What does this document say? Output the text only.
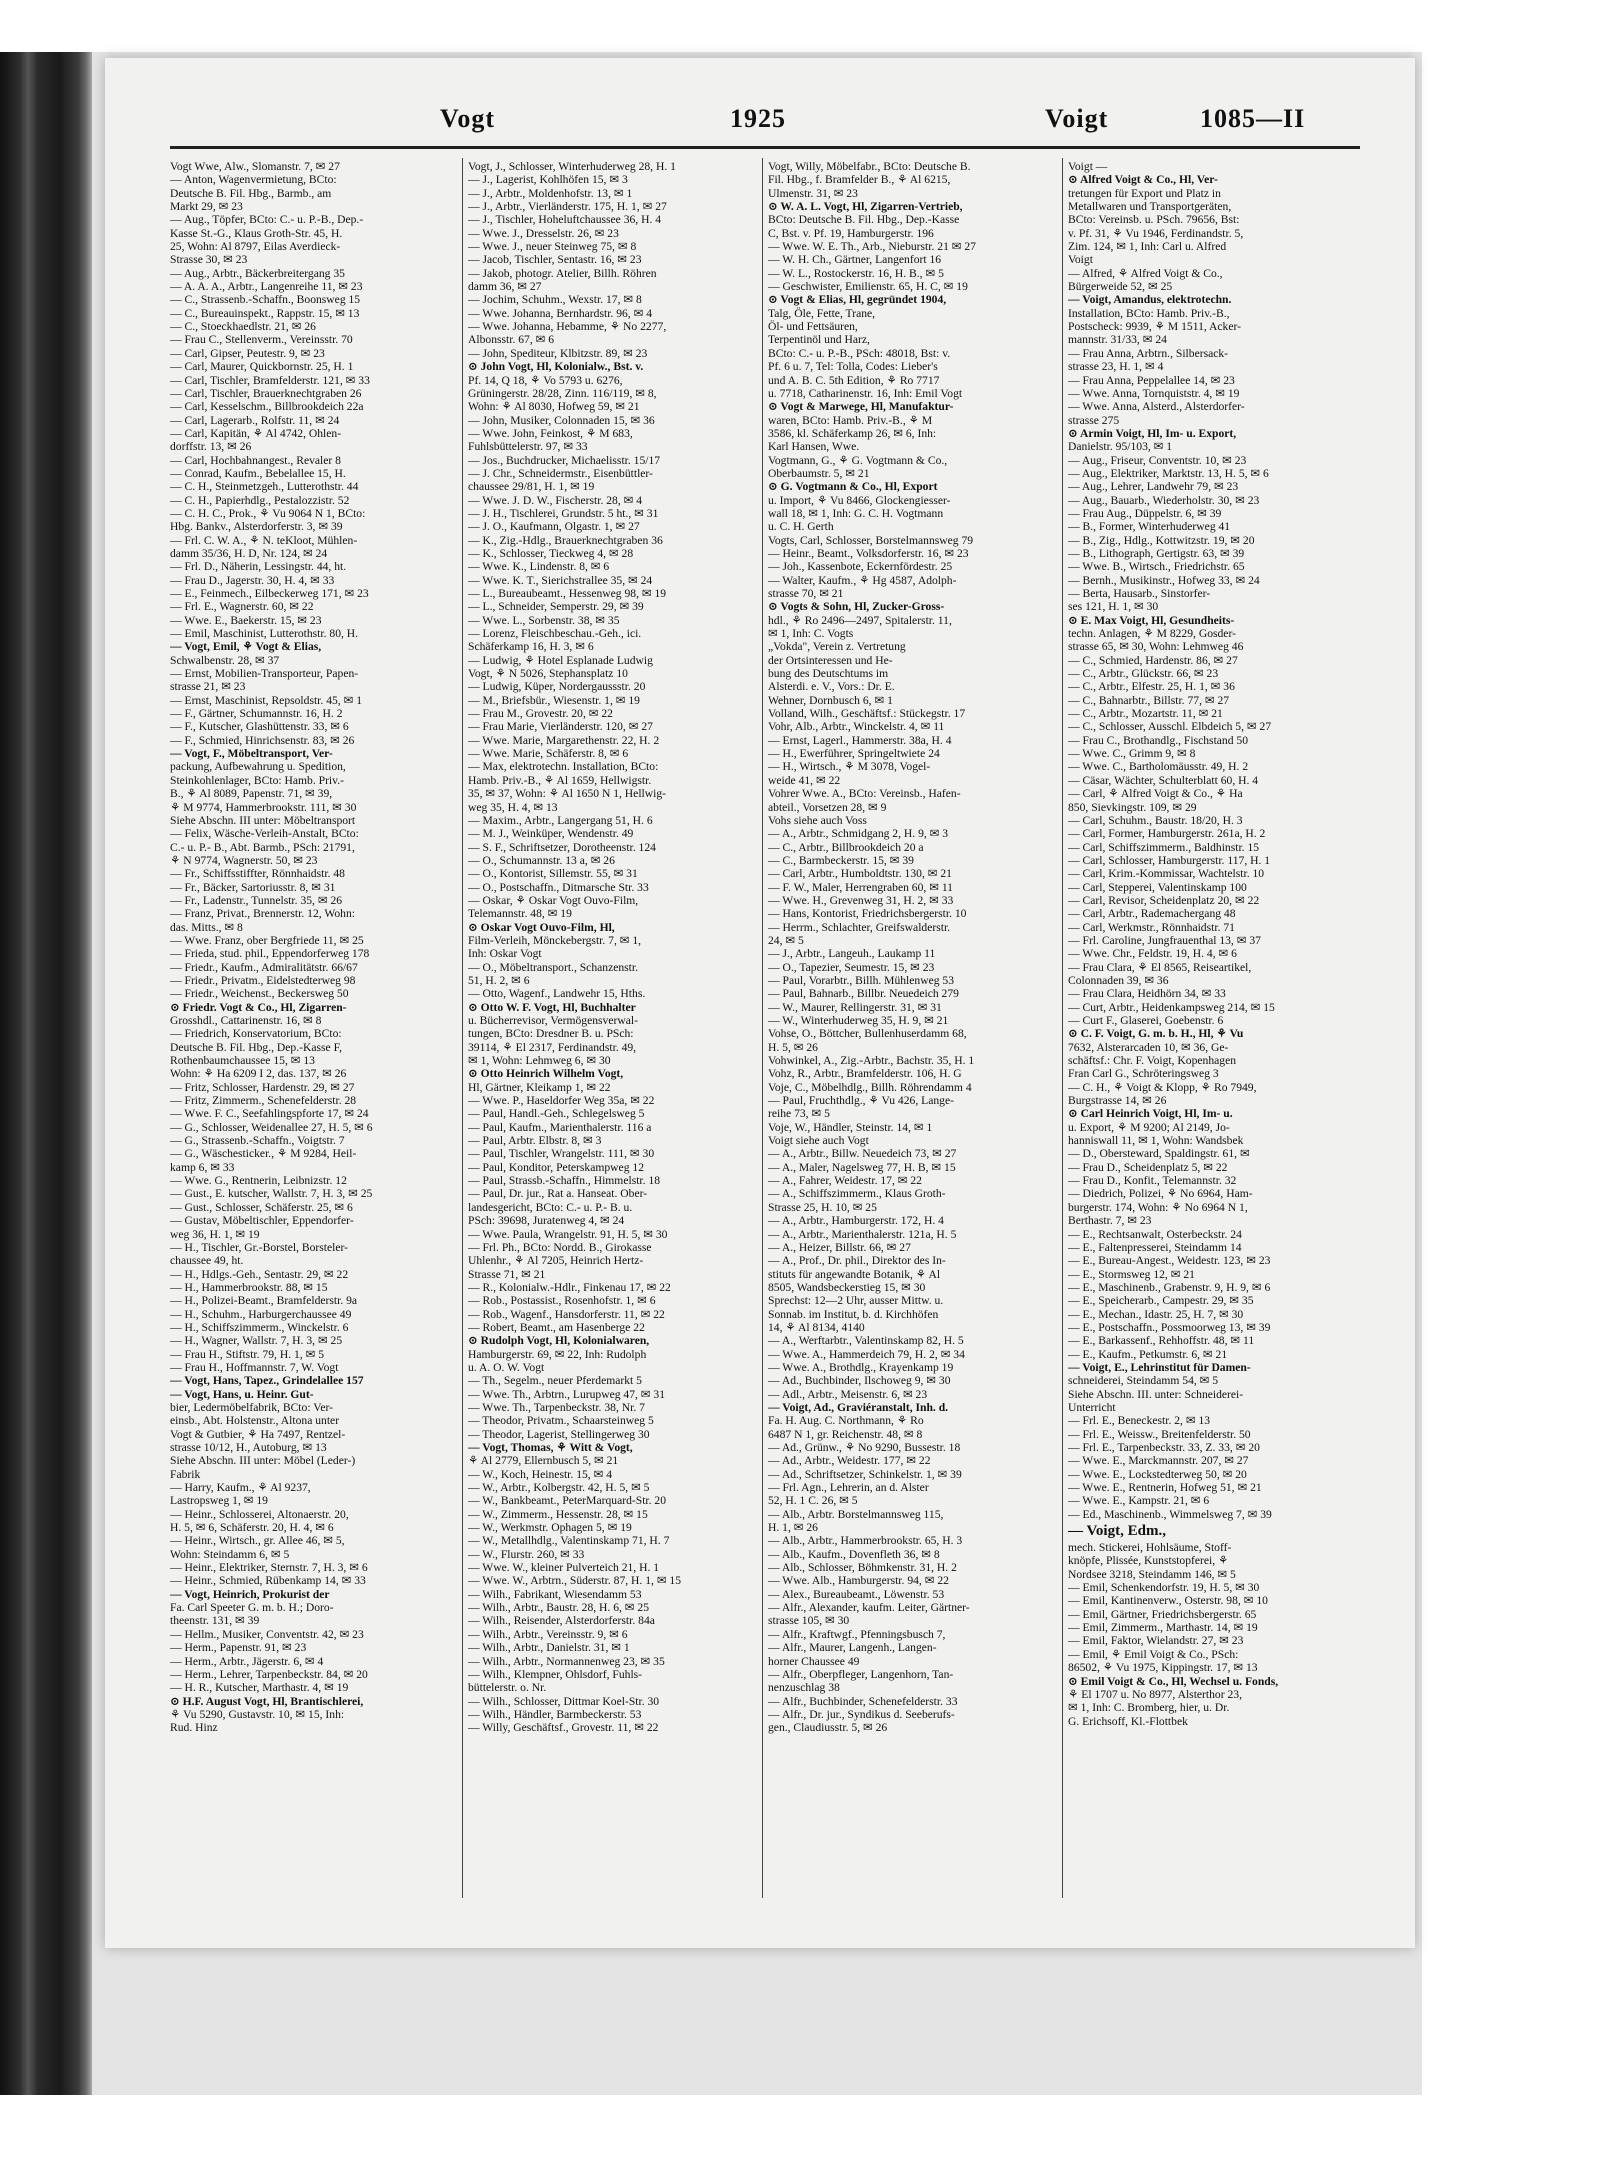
Vogt	1925	Voigt	1085—II
Vogt Wwe, Alw., Slomanstr. 7, ✉ 27
— Anton, Wagenvermietung, BCto:
Deutsche B. Fil. Hbg., Barmb., am
Markt 29, ✉ 23
— Aug., Töpfer, BCto: C.- u. P.-B., Dep.-
Kasse St.-G., Klaus Groth-Str. 45, H.
25, Wohn: Al 8797, Eilas Averdieck-
Strasse 30, ✉ 23
— Aug., Arbtr., Bäckerbreitergang 35
— A. A. A., Arbtr., Langenreihe 11, ✉ 23
— C., Strassenb.-Schaffn., Boonsweg 15
— C., Bureauinspekt., Rappstr. 15, ✉ 13
— C., Stoeckhaedlstr. 21, ✉ 26
— Frau C., Stellenverm., Vereinsstr. 70
— Carl, Gipser, Peutestr. 9, ✉ 23
— Carl, Maurer, Quickbornstr. 25, H. 1
— Carl, Tischler, Bramfelderstr. 121, ✉ 33
— Carl, Tischler, Brauerknechtgraben 26
— Carl, Kesselschm., Billbrookdeich 22a
— Carl, Lagerarb., Rolfstr. 11, ✉ 24
— Carl, Kapitän, ⚘ Al 4742, Ohlen-
dorffstr. 13, ✉ 26
— Carl, Hochbahnangest., Revaler 8
— Conrad, Kaufm., Bebelallee 15, H.
— C. H., Steinmetzgeh., Lutterothstr. 44
— C. H., Papierhdlg., Pestalozzistr. 52
— C. H. C., Prok., ⚘ Vu 9064 N 1, BCto:
Hbg. Bankv., Alsterdorferstr. 3, ✉ 39
— Frl. C. W. A., ⚘ N. teKloot, Mühlen-
damm 35/36, H. D, Nr. 124, ✉ 24
— Frl. D., Näherin, Lessingstr. 44, ht.
— Frau D., Jagerstr. 30, H. 4, ✉ 33
— E., Feinmech., Eilbeckerweg 171, ✉ 23
— Frl. E., Wagnerstr. 60, ✉ 22
— Wwe. E., Baekerstr. 15, ✉ 23
— Emil, Maschinist, Lutterothstr. 80, H.
— Vogt, Emil, ⚘ Vogt & Elias,
Schwalbenstr. 28, ✉ 37
— Ernst, Mobilien-Transporteur, Papen-
strasse 21, ✉ 23
— Ernst, Maschinist, Repsoldstr. 45, ✉ 1
— F., Gärtner, Schumannstr. 16, H. 2
— F., Kutscher, Glashüttenstr. 33, ✉ 6
— F., Schmied, Hinrichsenstr. 83, ✉ 26
— Vogt, F., Möbeltransport, Ver-
packung, Aufbewahrung u. Spedition,
Steinkohlenlager, BCto: Hamb. Priv.-
B., ⚘ Al 8089, Papenstr. 71, ✉ 39,
⚘ M 9774, Hammerbrookstr. 111, ✉ 30
Siehe Abschn. III unter: Möbeltransport
— Felix, Wäsche-Verleih-Anstalt, BCto:
C.- u. P.- B., Abt. Barmb., PSch: 21791,
⚘ N 9774, Wagnerstr. 50, ✉ 23
— Fr., Schiffsstiffter, Rönnhaidstr. 48
— Fr., Bäcker, Sartoriusstr. 8, ✉ 31
— Fr., Ladenstr., Tunnelstr. 35, ✉ 26
— Franz, Privat., Brennerstr. 12, Wohn:
das. Mitts., ✉ 8
— Wwe. Franz, ober Bergfriede 11, ✉ 25
— Frieda, stud. phil., Eppendorferweg 178
— Friedr., Kaufm., Admiralitätstr. 66/67
— Friedr., Privatm., Eidelstedterweg 98
— Friedr., Weichenst., Beckersweg 50
⊙ Friedr. Vogt & Co., Hl, Zigarren-
Grosshdl., Cattarinenstr. 16, ✉ 8
— Friedrich, Konservatorium, BCto:
Deutsche B. Fil. Hbg., Dep.-Kasse F,
Rothenbaumchaussee 15, ✉ 13
Wohn: ⚘ Ha 6209 I 2, das. 137, ✉ 26
— Fritz, Schlosser, Hardenstr. 29, ✉ 27
— Fritz, Zimmerm., Schenefelderstr. 28
— Wwe. F. C., Seefahlingspforte 17, ✉ 24
— G., Schlosser, Weidenallee 27, H. 5, ✉ 6
— G., Strassenb.-Schaffn., Voigtstr. 7
— G., Wäschesticker., ⚘ M 9284, Heil-
kamp 6, ✉ 33
— Wwe. G., Rentnerin, Leibnizstr. 12
— Gust., E. kutscher, Wallstr. 7, H. 3, ✉ 25
— Gust., Schlosser, Schäferstr. 25, ✉ 6
— Gustav, Möbeltischler, Eppendorfer-
weg 36, H. 1, ✉ 19
— H., Tischler, Gr.-Borstel, Borsteler-
chaussee 49, ht.
— H., Hdlgs.-Geh., Sentastr. 29, ✉ 22
— H., Hammerbrookstr. 88, ✉ 15
— H., Polizei-Beamt., Bramfelderstr. 9a
— H., Schuhm., Harburgerchaussee 49
— H., Schiffszimmerm., Winckelstr. 6
— H., Wagner, Wallstr. 7, H. 3, ✉ 25
— Frau H., Stiftstr. 79, H. 1, ✉ 5
— Frau H., Hoffmannstr. 7, W. Vogt
— Vogt, Hans, Tapez., Grindelallee 157
— Vogt, Hans, u. Heinr. Gut-
bier, Ledermöbelfabrik, BCto: Ver-
einsb., Abt. Holstenstr., Altona unter
Vogt & Gutbier, ⚘ Ha 7497, Rentzel-
strasse 10/12, H., Autoburg, ✉ 13
Siehe Abschn. III unter: Möbel (Leder-)
Fabrik
— Harry, Kaufm., ⚘ Al 9237,
Lastropsweg 1, ✉ 19
— Heinr., Schlosserei, Altonaerstr. 20,
H. 5, ✉ 6, Schäferstr. 20, H. 4, ✉ 6
— Heinr., Wirtsch., gr. Allee 46, ✉ 5,
Wohn: Steindamm 6, ✉ 5
— Heinr., Elektriker, Sternstr. 7, H. 3, ✉ 6
— Heinr., Schmied, Rübenkamp 14, ✉ 33
— Vogt, Heinrich, Prokurist der
Fa. Carl Speeter G. m. b. H.; Doro-
theenstr. 131, ✉ 39
— Hellm., Musiker, Conventstr. 42, ✉ 23
— Herm., Papenstr. 91, ✉ 23
— Herm., Arbtr., Jägerstr. 6, ✉ 4
— Herm., Lehrer, Tarpenbeckstr. 84, ✉ 20
— H. R., Kutscher, Marthastr. 4, ✉ 19
⊙ H.F. August Vogt, Hl, Brantischlerei,
⚘ Vu 5290, Gustavstr. 10, ✉ 15, Inh:
Rud. Hinz
Vogt, J., Schlosser, Winterhuderweg 28, H. 1
— J., Lagerist, Kohlhöfen 15, ✉ 3
— J., Arbtr., Moldenhofstr. 13, ✉ 1
— J., Arbtr., Vierländerstr. 175, H. 1, ✉ 27
— J., Tischler, Hoheluftchaussee 36, H. 4
— Wwe. J., Dresselstr. 26, ✉ 23
— Wwe. J., neuer Steinweg 75, ✉ 8
— Jacob, Tischler, Sentastr. 16, ✉ 23
— Jakob, photogr. Atelier, Billh. Röhren
damm 36, ✉ 27
— Jochim, Schuhm., Wexstr. 17, ✉ 8
— Wwe. Johanna, Bernhardstr. 96, ✉ 4
— Wwe. Johanna, Hebamme, ⚘ No 2277,
Albonsstr. 67, ✉ 6
— John, Spediteur, Klbitzstr. 89, ✉ 23
⊙ John Vogt, Hl, Kolonialw., Bst. v.
Pf. 14, Q 18, ⚘ Vo 5793 u. 6276,
Grüningerstr. 28/28, Zinn. 116/119, ✉ 8,
Wohn: ⚘ Al 8030, Hofweg 59, ✉ 21
— John, Musiker, Colonnaden 15, ✉ 36
— Wwe. John, Feinkost, ⚘ M 683,
Fuhlsbüttelerstr. 97, ✉ 33
— Jos., Buchdrucker, Michaelisstr. 15/17
— J. Chr., Schneidermstr., Eisenbüttler-
chaussee 29/81, H. 1, ✉ 19
— Wwe. J. D. W., Fischerstr. 28, ✉ 4
— J. H., Tischlerei, Grundstr. 5 ht., ✉ 31
— J. O., Kaufmann, Olgastr. 1, ✉ 27
— K., Zig.-Hdlg., Brauerknechtgraben 36
— K., Schlosser, Tieckweg 4, ✉ 28
— Wwe. K., Lindenstr. 8, ✉ 6
— Wwe. K. T., Sierichstrallee 35, ✉ 24
— L., Bureaubeamt., Hessenweg 98, ✉ 19
— L., Schneider, Semperstr. 29, ✉ 39
— Wwe. L., Sorbenstr. 38, ✉ 35
— Lorenz, Fleischbeschau.-Geh., ici.
Schäferkamp 16, H. 3, ✉ 6
— Ludwig, ⚘ Hotel Esplanade Ludwig
Vogt, ⚘ N 5026, Stephansplatz 10
— Ludwig, Küper, Nordergaussstr. 20
— M., Briefsbür., Wiesenstr. 1, ✉ 19
— Frau M., Grovestr. 20, ✉ 22
— Frau Marie, Vierländerstr. 120, ✉ 27
— Wwe. Marie, Margarethenstr. 22, H. 2
— Wwe. Marie, Schäferstr. 8, ✉ 6
— Max, elektrotechn. Installation, BCto:
Hamb. Priv.-B., ⚘ Al 1659, Hellwigstr.
35, ✉ 37, Wohn: ⚘ Al 1650 N 1, Hellwig-
weg 35, H. 4, ✉ 13
— Maxim., Arbtr., Langergang 51, H. 6
— M. J., Weinküper, Wendenstr. 49
— S. F., Schriftsetzer, Dorotheenstr. 124
— O., Schumannstr. 13 a, ✉ 26
— O., Kontorist, Sillemstr. 55, ✉ 31
— O., Postschaffn., Ditmarsche Str. 33
— Oskar, ⚘ Oskar Vogt Ouvo-Film,
Telemannstr. 48, ✉ 19
⊙ Oskar Vogt Ouvo-Film, Hl,
Film-Verleih, Mönckebergstr. 7, ✉ 1,
Inh: Oskar Vogt
— O., Möbeltransport., Schanzenstr.
51, H. 2, ✉ 6
— Otto, Wagenf., Landwehr 15, Hths.
⊙ Otto W. F. Vogt, Hl, Buchhalter
u. Bücherrevisor, Vermögensverwal-
tungen, BCto: Dresdner B. u. PSch:
39114, ⚘ El 2317, Ferdinandstr. 49,
✉ 1, Wohn: Lehmweg 6, ✉ 30
⊙ Otto Heinrich Wilhelm Vogt,
Hl, Gärtner, Kleikamp 1, ✉ 22
— Wwe. P., Haseldorfer Weg 35a, ✉ 22
— Paul, Handl.-Geh., Schlegelsweg 5
— Paul, Kaufm., Marienthalerstr. 116 a
— Paul, Arbtr. Elbstr. 8, ✉ 3
— Paul, Tischler, Wrangelstr. 111, ✉ 30
— Paul, Konditor, Peterskampweg 12
— Paul, Strassb.-Schaffn., Himmelstr. 18
— Paul, Dr. jur., Rat a. Hanseat. Ober-
landesgericht, BCto: C.- u. P.- B. u.
PSch: 39698, Juratenweg 4, ✉ 24
— Wwe. Paula, Wrangelstr. 91, H. 5, ✉ 30
— Frl. Ph., BCto: Nordd. B., Girokasse
Uhlenhr., ⚘ Al 7205, Heinrich Hertz-
Strasse 71, ✉ 21
— R., Kolonialw.-Hdlr., Finkenau 17, ✉ 22
— Rob., Postassist., Rosenhofstr. 1, ✉ 6
— Rob., Wagenf., Hansdorferstr. 11, ✉ 22
— Robert, Beamt., am Hasenberge 22
⊙ Rudolph Vogt, Hl, Kolonialwaren,
Hamburgerstr. 69, ✉ 22, Inh: Rudolph
u. A. O. W. Vogt
— Th., Segelm., neuer Pferdemarkt 5
— Wwe. Th., Arbtrn., Lurupweg 47, ✉ 31
— Wwe. Th., Tarpenbeckstr. 38, Nr. 7
— Theodor, Privatm., Schaarsteinweg 5
— Theodor, Lagerist, Stellingerweg 30
— Vogt, Thomas, ⚘ Witt & Vogt,
⚘ Al 2779, Ellernbusch 5, ✉ 21
— W., Koch, Heinestr. 15, ✉ 4
— W., Arbtr., Kolbergstr. 42, H. 5, ✉ 5
— W., Bankbeamt., PeterMarquard-Str. 20
— W., Zimmerm., Hessenstr. 28, ✉ 15
— W., Werkmstr. Ophagen 5, ✉ 19
— W., Metallhdlg., Valentinskamp 71, H. 7
— W., Flurstr. 260, ✉ 33
— Wwe. W., kleiner Pulverteich 21, H. 1
— Wwe. W., Arbtrn., Süderstr. 87, H. 1, ✉ 15
— Wilh., Fabrikant, Wiesendamm 53
— Wilh., Arbtr., Baustr. 28, H. 6, ✉ 25
— Wilh., Reisender, Alsterdorferstr. 84a
— Wilh., Arbtr., Vereinsstr. 9, ✉ 6
— Wilh., Arbtr., Danielstr. 31, ✉ 1
— Wilh., Arbtr., Normannenweg 23, ✉ 35
— Wilh., Klempner, Ohlsdorf, Fuhls-
büttelerstr. o. Nr.
— Wilh., Schlosser, Dittmar Koel-Str. 30
— Wilh., Händler, Barmbeckerstr. 53
— Willy, Geschäftsf., Grovestr. 11, ✉ 22
Vogt, Willy, Möbelfabr., BCto: Deutsche B.
Fil. Hbg., f. Bramfelder B., ⚘ Al 6215,
Ulmenstr. 31, ✉ 23
⊙ W. A. L. Vogt, Hl, Zigarren-Vertrieb,
BCto: Deutsche B. Fil. Hbg., Dep.-Kasse
C, Bst. v. Pf. 19, Hamburgerstr. 196
— Wwe. W. E. Th., Arb., Nieburstr. 21 ✉ 27
— W. H. Ch., Gärtner, Langenfort 16
— W. L., Rostockerstr. 16, H. B., ✉ 5
— Geschwister, Emilienstr. 65, H. C, ✉ 19
⊙ Vogt & Elias, Hl, gegründet 1904,
Talg, Öle, Fette, Trane,
Öl- und Fettsäuren,
Terpentinöl und Harz,
BCto: C.- u. P.-B., PSch: 48018, Bst: v.
Pf. 6 u. 7, Tel: Tolla, Codes: Lieber's
und A. B. C. 5th Edition, ⚘ Ro 7717
u. 7718, Catharinenstr. 16, Inh: Emil Vogt
⊙ Vogt & Marwege, Hl, Manufaktur-
waren, BCto: Hamb. Priv.-B., ⚘ M
3586, kl. Schäferkamp 26, ✉ 6, Inh:
Karl Hansen, Wwe.
Vogtmann, G., ⚘ G. Vogtmann & Co.,
Oberbaumstr. 5, ✉ 21
⊙ G. Vogtmann & Co., Hl, Export
u. Import, ⚘ Vu 8466, Glockengiesser-
wall 18, ✉ 1, Inh: G. C. H. Vogtmann
u. C. H. Gerth
Vogts, Carl, Schlosser, Borstelmannsweg 79
— Heinr., Beamt., Volksdorferstr. 16, ✉ 23
— Joh., Kassenbote, Eckernfördestr. 25
— Walter, Kaufm., ⚘ Hg 4587, Adolph-
strasse 70, ✉ 21
⊙ Vogts & Sohn, Hl, Zucker-Gross-
hdl., ⚘ Ro 2496—2497, Spitalerstr. 11,
✉ 1, Inh: C. Vogts
„Vokda", Verein z. Vertretung
der Ortsinteressen und He-
bung des Deutschtums im
Alsterdi. e. V., Vors.: Dr. E.
Wehner, Dornbusch 6, ✉ 1
Volland, Wilh., Geschäftsf.: Stückegstr. 17
Vohr, Alb., Arbtr., Winckelstr. 4, ✉ 11
— Ernst, Lagerl., Hammerstr. 38a, H. 4
— H., Ewerführer, Springeltwiete 24
— H., Wirtsch., ⚘ M 3078, Vogel-
weide 41, ✉ 22
Vohrer Wwe. A., BCto: Vereinsb., Hafen-
abteil., Vorsetzen 28, ✉ 9
Vohs siehe auch Voss
— A., Arbtr., Schmidgang 2, H. 9, ✉ 3
— C., Arbtr., Billbrookdeich 20 a
— C., Barmbeckerstr. 15, ✉ 39
— Carl, Arbtr., Humboldtstr. 130, ✉ 21
— F. W., Maler, Herrengraben 60, ✉ 11
— Wwe. H., Grevenweg 31, H. 2, ✉ 33
— Hans, Kontorist, Friedrichsbergerstr. 10
— Herrm., Schlachter, Greifswalderstr.
24, ✉ 5
— J., Arbtr., Langeuh., Laukamp 11
— O., Tapezier, Seumestr. 15, ✉ 23
— Paul, Vorarbtr., Billh. Mühlenweg 53
— Paul, Bahnarb., Billbr. Neuedeich 279
— W., Maurer, Rellingerstr. 31, ✉ 31
— W., Winterhuderweg 35, H. 9, ✉ 21
Vohse, O., Böttcher, Bullenhuserdamm 68,
H. 5, ✉ 26
Vohwinkel, A., Zig.-Arbtr., Bachstr. 35, H. 1
Vohz, R., Arbtr., Bramfelderstr. 106, H. G
Voje, C., Möbelhdlg., Billh. Röhrendamm 4
— Paul, Fruchthdlg., ⚘ Vu 426, Lange-
reihe 73, ✉ 5
Voje, W., Händler, Steinstr. 14, ✉ 1
Voigt siehe auch Vogt
— A., Arbtr., Billw. Neuedeich 73, ✉ 27
— A., Maler, Nagelsweg 77, H. B, ✉ 15
— A., Fahrer, Weidestr. 17, ✉ 22
— A., Schiffszimmerm., Klaus Groth-
Strasse 25, H. 10, ✉ 25
— A., Arbtr., Hamburgerstr. 172, H. 4
— A., Arbtr., Marienthalerstr. 121a, H. 5
— A., Heizer, Billstr. 66, ✉ 27
— A., Prof., Dr. phil., Direktor des In-
stituts für angewandte Botanik, ⚘ Al
8505, Wandsbeckerstieg 15, ✉ 30
Sprechst: 12—2 Uhr, ausser Mittw. u.
Sonnab. im Institut, b. d. Kirchhöfen
14, ⚘ Al 8134, 4140
— A., Werftarbtr., Valentinskamp 82, H. 5
— Wwe. A., Hammerdeich 79, H. 2, ✉ 34
— Wwe. A., Brothdlg., Krayenkamp 19
— Ad., Buchbinder, Ilschoweg 9, ✉ 30
— Adl., Arbtr., Meisenstr. 6, ✉ 23
— Voigt, Ad., Graviéranstalt, Inh. d.
Fa. H. Aug. C. Northmann, ⚘ Ro
6487 N 1, gr. Reichenstr. 48, ✉ 8
— Ad., Grünw., ⚘ No 9290, Bussestr. 18
— Ad., Arbtr., Weidestr. 177, ✉ 22
— Ad., Schriftsetzer, Schinkelstr. 1, ✉ 39
— Frl. Agn., Lehrerin, an d. Alster
52, H. 1 C. 26, ✉ 5
— Alb., Arbtr. Borstelmannsweg 115,
H. 1, ✉ 26
— Alb., Arbtr., Hammerbrookstr. 65, H. 3
— Alb., Kaufm., Dovenfleth 36, ✉ 8
— Alb., Schlosser, Böhmkenstr. 31, H. 2
— Wwe. Alb., Hamburgerstr. 94, ✉ 22
— Alex., Bureaubeamt., Löwenstr. 53
— Alfr., Alexander, kaufm. Leiter, Gärtner-
strasse 105, ✉ 30
— Alfr., Kraftwgf., Pfenningsbusch 7,
— Alfr., Maurer, Langenh., Langen-
horner Chaussee 49
— Alfr., Oberpfleger, Langenhorn, Tan-
nenzuschlag 38
— Alfr., Buchbinder, Schenefelderstr. 33
— Alfr., Dr. jur., Syndikus d. Seeberufs-
gen., Claudiusstr. 5, ✉ 26
Voigt —
⊙ Alfred Voigt & Co., Hl, Ver-
tretungen für Export und Platz in
Metallwaren und Transportgeräten,
BCto: Vereinsb. u. PSch. 79656, Bst:
v. Pf. 31, ⚘ Vu 1946, Ferdinandstr. 5,
Zim. 124, ✉ 1, Inh: Carl u. Alfred
Voigt
— Alfred, ⚘ Alfred Voigt & Co.,
Bürgerweide 52, ✉ 25
— Voigt, Amandus, elektrotechn.
Installation, BCto: Hamb. Priv.-B.,
Postscheck: 9939, ⚘ M 1511, Acker-
mannstr. 31/33, ✉ 24
— Frau Anna, Arbtrn., Silbersack-
strasse 23, H. 1, ✉ 4
— Frau Anna, Peppelallee 14, ✉ 23
— Wwe. Anna, Tornquiststr. 4, ✉ 19
— Wwe. Anna, Alsterd., Alsterdorfer-
strasse 275
⊙ Armin Voigt, Hl, Im- u. Export,
Danielstr. 95/103, ✉ 1
— Aug., Friseur, Conventstr. 10, ✉ 23
— Aug., Elektriker, Marktstr. 13, H. 5, ✉ 6
— Aug., Lehrer, Landwehr 79, ✉ 23
— Aug., Bauarb., Wiederholstr. 30, ✉ 23
— Frau Aug., Düppelstr. 6, ✉ 39
— B., Former, Winterhuderweg 41
— B., Zig., Hdlg., Kottwitzstr. 19, ✉ 20
— B., Lithograph, Gertigstr. 63, ✉ 39
— Wwe. B., Wirtsch., Friedrichstr. 65
— Bernh., Musikinstr., Hofweg 33, ✉ 24
— Berta, Hausarb., Sinstorfer-
ses 121, H. 1, ✉ 30
⊙ E. Max Voigt, Hl, Gesundheits-
techn. Anlagen, ⚘ M 8229, Gosder-
strasse 65, ✉ 30, Wohn: Lehmweg 46
— C., Schmied, Hardenstr. 86, ✉ 27
— C., Arbtr., Glückstr. 66, ✉ 23
— C., Arbtr., Elfestr. 25, H. 1, ✉ 36
— C., Bahnarbtr., Billstr. 77, ✉ 27
— C., Arbtr., Mozartstr. 11, ✉ 21
— C., Schlosser, Ausschl. Elbdeich 5, ✉ 27
— Frau C., Brothandlg., Fischstand 50
— Wwe. C., Grimm 9, ✉ 8
— Wwe. C., Bartholomäusstr. 49, H. 2
— Cäsar, Wächter, Schulterblatt 60, H. 4
— Carl, ⚘ Alfred Voigt & Co., ⚘ Ha
850, Sievkingstr. 109, ✉ 29
— Carl, Schuhm., Baustr. 18/20, H. 3
— Carl, Former, Hamburgerstr. 261a, H. 2
— Carl, Schiffszimmerm., Baldhinstr. 15
— Carl, Schlosser, Hamburgerstr. 117, H. 1
— Carl, Krim.-Kommissar, Wachtelstr. 10
— Carl, Stepperei, Valentinskamp 100
— Carl, Revisor, Scheidenplatz 20, ✉ 22
— Carl, Arbtr., Rademachergang 48
— Carl, Werkmstr., Rönnhaidstr. 71
— Frl. Caroline, Jungfrauenthal 13, ✉ 37
— Wwe. Chr., Feldstr. 19, H. 4, ✉ 6
— Frau Clara, ⚘ El 8565, Reiseartikel,
Colonnaden 39, ✉ 36
— Frau Clara, Heidhörn 34, ✉ 33
— Curt, Arbtr., Heidenkampsweg 214, ✉ 15
— Curt F., Glaserei, Goebenstr. 6
⊙ C. F. Voigt, G. m. b. H., Hl, ⚘ Vu
7632, Alsterarcaden 10, ✉ 36, Ge-
schäftsf.: Chr. F. Voigt, Kopenhagen
Fran Carl G., Schröteringsweg 3
— C. H., ⚘ Voigt & Klopp, ⚘ Ro 7949,
Burgstrasse 14, ✉ 26
⊙ Carl Heinrich Voigt, Hl, Im- u.
u. Export, ⚘ M 9200; Al 2149, Jo-
hanniswall 11, ✉ 1, Wohn: Wandsbek
— D., Obersteward, Spaldingstr. 61, ✉
— Frau D., Scheidenplatz 5, ✉ 22
— Frau D., Konfit., Telemannstr. 32
— Diedrich, Polizei, ⚘ No 6964, Ham-
burgerstr. 174, Wohn: ⚘ No 6964 N 1,
Berthastr. 7, ✉ 23
— E., Rechtsanwalt, Osterbeckstr. 24
— E., Faltenpresserei, Steindamm 14
— E., Bureau-Angest., Weidestr. 123, ✉ 23
— E., Stormsweg 12, ✉ 21
— E., Maschinenb., Grabenstr. 9, H. 9, ✉ 6
— E., Speicherarb., Campestr. 29, ✉ 35
— E., Mechan., Idastr. 25, H. 7, ✉ 30
— E., Postschaffn., Possmoorweg 13, ✉ 39
— E., Barkassenf., Rehhoffstr. 48, ✉ 11
— E., Kaufm., Petkumstr. 6, ✉ 21
— Voigt, E., Lehrinstitut für Damen-
schneiderei, Steindamm 54, ✉ 5
Siehe Abschn. III. unter: Schneiderei-
Unterricht
— Frl. E., Beneckestr. 2, ✉ 13
— Frl. E., Weissw., Breitenfelderstr. 50
— Frl. E., Tarpenbeckstr. 33, Z. 33, ✉ 20
— Wwe. E., Marckmannstr. 207, ✉ 27
— Wwe. E., Lockstedterweg 50, ✉ 20
— Wwe. E., Rentnerin, Hofweg 51, ✉ 21
— Wwe. E., Kampstr. 21, ✉ 6
— Ed., Maschinenb., Wimmelsweg 7, ✉ 39
— Voigt, Edm.,
mech. Stickerei, Hohlsäume, Stoff-
knöpfe, Plissée, Kunststopferei, ⚘
Nordsee 3218, Steindamm 146, ✉ 5
— Emil, Schenkendorfstr. 19, H. 5, ✉ 30
— Emil, Kantinenverw., Osterstr. 98, ✉ 10
— Emil, Gärtner, Friedrichsbergerstr. 65
— Emil, Zimmerm., Marthastr. 14, ✉ 19
— Emil, Faktor, Wielandstr. 27, ✉ 23
— Emil, ⚘ Emil Voigt & Co., PSch:
86502, ⚘ Vu 1975, Kippingstr. 17, ✉ 13
⊙ Emil Voigt & Co., Hl, Wechsel u. Fonds,
⚘ El 1707 u. No 8977, Alsterthor 23,
✉ 1, Inh: C. Bromberg, hier, u. Dr.
G. Erichsoff, Kl.-Flottbek
